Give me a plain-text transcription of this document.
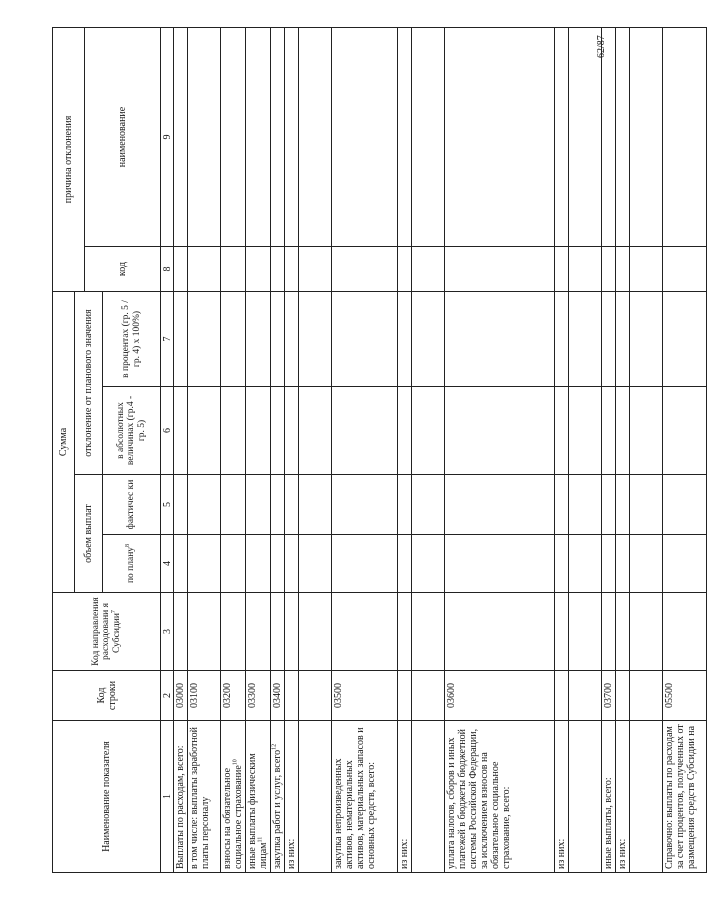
62/87
Наименование показателя	Код строки	Код направления расходовани я Субсидии$^7$	Сумма				причина отклонения	
			объем выплат		отклонение от планового значения			
							код	наименование
			по плану$^8$	фактичес ки	в абсолютных величинах (гр.4 - гр. 5)	в процентах (гр. 5 / гр. 4) х 100%)		
1	2	3	4	5	6	7	8	9
Выплаты по расходам, всего:	03000							
в том числе: выплаты заработной платы персоналу	03100							
взносы на обязательное социальное страхование$^{10}$	03200							
иные выплаты физическим лицам$^{11}$	03300							
закупка работ и услуг, всего$^{12}$	03400							
из них:								

закупка непроизведенных активов, нематериальных активов, материальных запасов и основных средств, всего:	03500							
из них:								

уплата налогов, сборов и иных платежей в бюджеты бюджетной системы Российской Федерации, за исключением взносов на обязательное социальное страхование, всего:	03600							
из них:								

иные выплаты, всего:	03700							
из них:								

Справочно: выплаты по расходам за счет процентов, полученных от размещения средств Субсидии на	05500							
